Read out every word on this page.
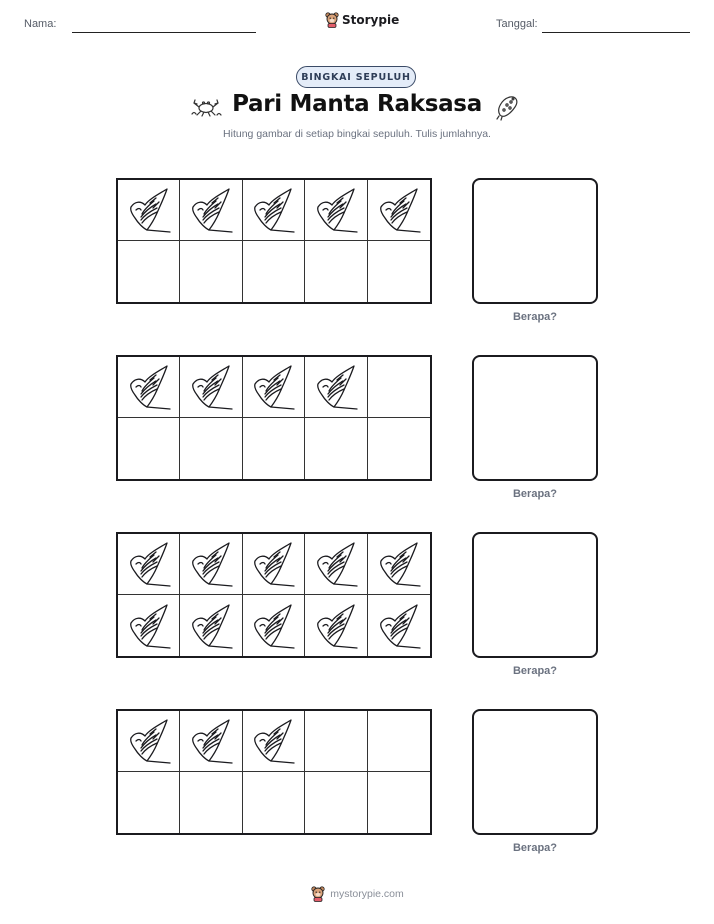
Nama:	Storypie	Tanggal:
BINGKAI SEPULUH
Pari Manta Raksasa
Hitung gambar di setiap bingkai sepuluh. Tulis jumlahnya.
Berapa?
Berapa?
Berapa?
Berapa?
mystorypie.com
